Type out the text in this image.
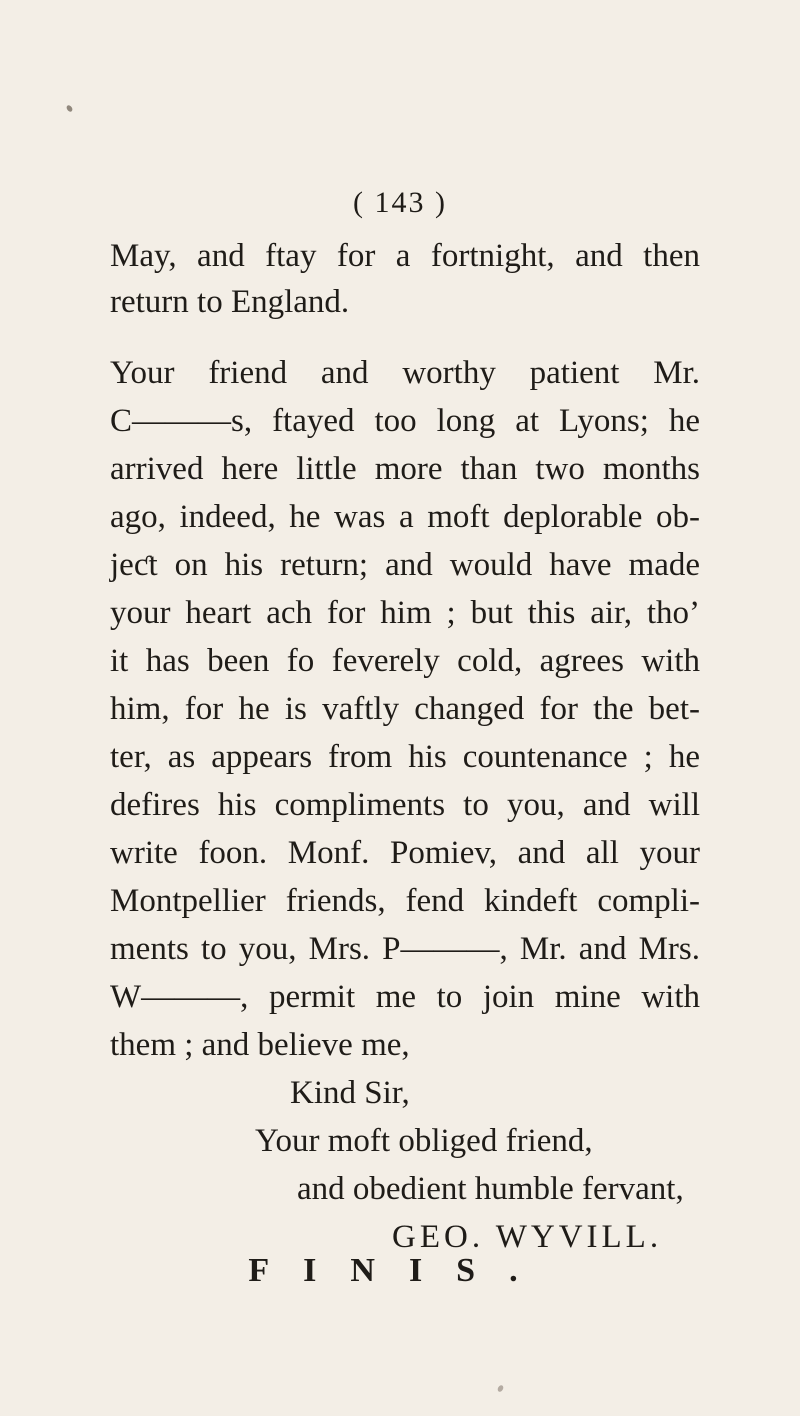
( 143 )
May, and ftay for a fortnight, and then
return to England.
Your friend and worthy patient Mr.
C———s, ftayed too long at Lyons; he
arrived here little more than two months
ago, indeed, he was a moft deplorable ob-
jeƈt on his return; and would have made
your heart ach for him ; but this air, tho’
it has been fo feverely cold, agrees with
him, for he is vaftly changed for the bet-
ter, as appears from his countenance ; he
defires his compliments to you, and will
write foon. Monf. Pomiev, and all your
Montpellier friends, fend kindeft compli-
ments to you, Mrs. P———, Mr. and Mrs.
W———, permit me to join mine with
them ; and believe me,
Kind Sir,
Your moft obliged friend,
and obedient humble fervant,
GEO. WYVILL.
FINIS.
